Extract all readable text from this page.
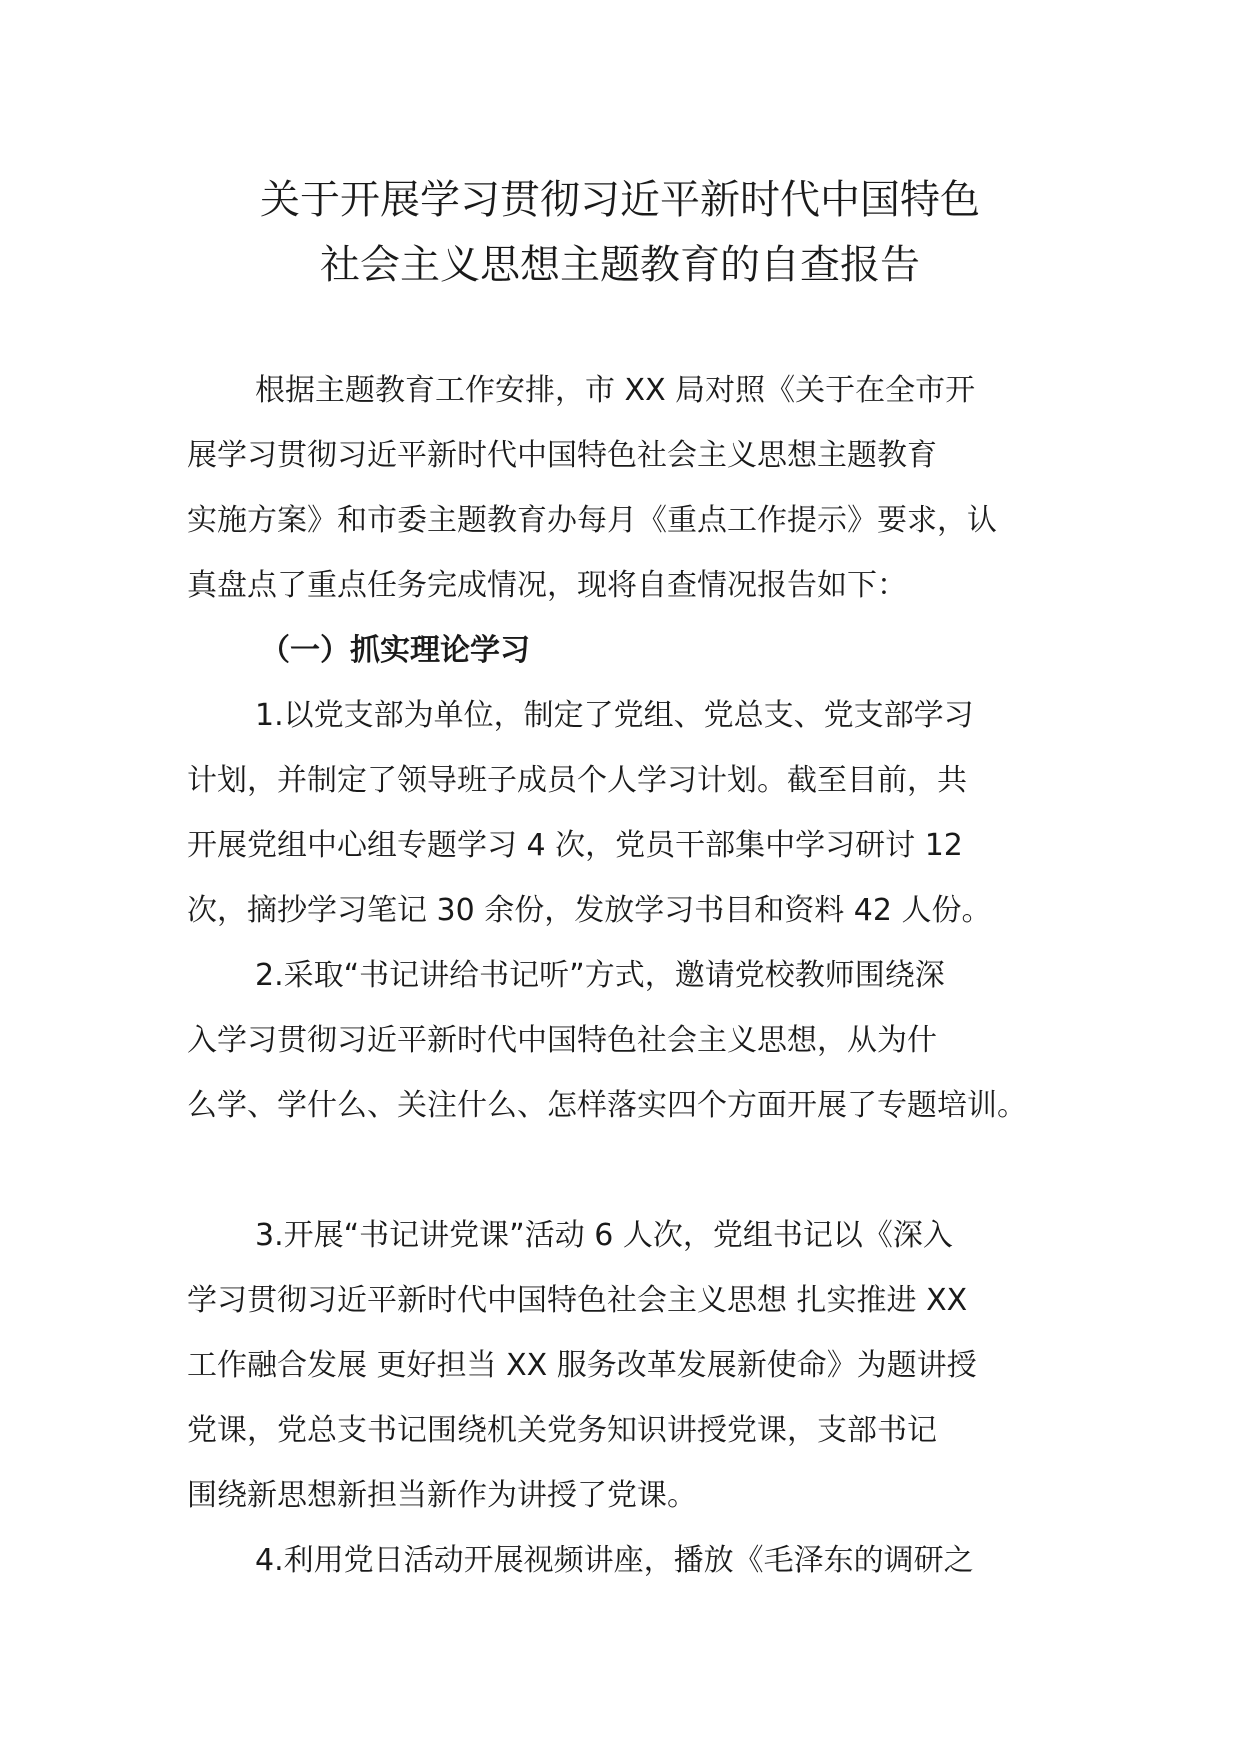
关于开展学习贯彻习近平新时代中国特色
社会主义思想主题教育的自查报告

根据主题教育工作安排，市 XX 局对照《关于在全市开

展学习贯彻习近平新时代中国特色社会主义思想主题教育

实施方案》和市委主题教育办每月《重点工作提示》要求，认

真盘点了重点任务完成情况，现将自查情况报告如下：

（一）抓实理论学习

1.以党支部为单位，制定了党组、党总支、党支部学习

计划，并制定了领导班子成员个人学习计划。截至目前，共

开展党组中心组专题学习 4 次，党员干部集中学习研讨 12

次，摘抄学习笔记 30 余份，发放学习书目和资料 42 人份。

2.采取“书记讲给书记听”方式，邀请党校教师围绕深

入学习贯彻习近平新时代中国特色社会主义思想，从为什

么学、学什么、关注什么、怎样落实四个方面开展了专题培训。

3.开展“书记讲党课”活动 6 人次，党组书记以《深入

学习贯彻习近平新时代中国特色社会主义思想 扎实推进 XX

工作融合发展 更好担当 XX 服务改革发展新使命》为题讲授

党课，党总支书记围绕机关党务知识讲授党课，支部书记

围绕新思想新担当新作为讲授了党课。

4.利用党日活动开展视频讲座，播放《毛泽东的调研之
